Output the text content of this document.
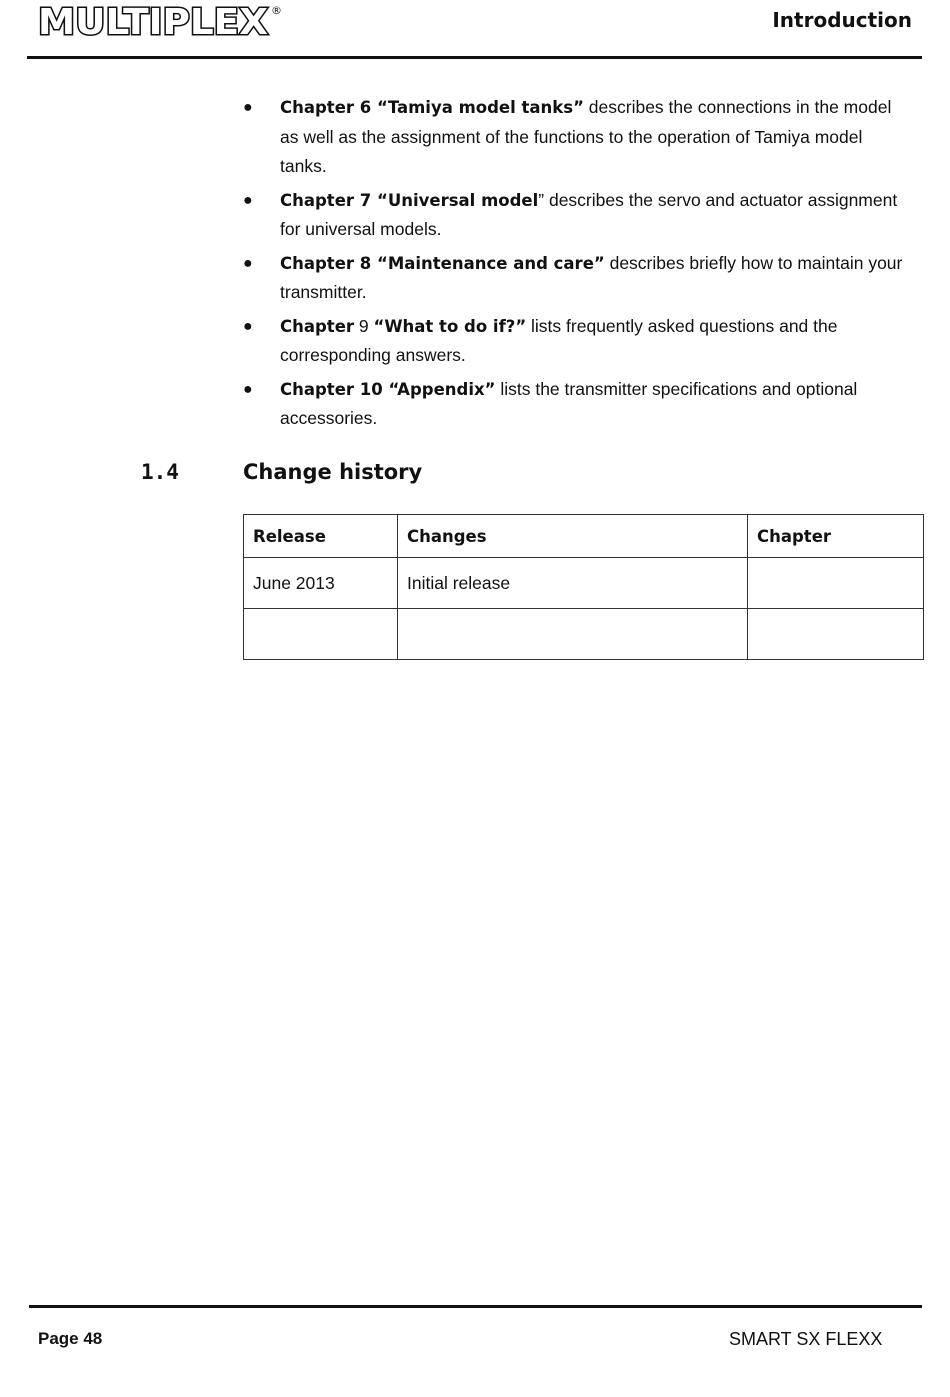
MULTIPLEX ®	Introduction
● Chapter 6 “Tamiya model tanks” describes the connections in the model as well as the assignment of the functions to the operation of Tamiya model tanks.
● Chapter 7 “Universal model” describes the servo and actuator assignment for universal models.
● Chapter 8 “Maintenance and care” describes briefly how to maintain your transmitter.
● Chapter 9 “What to do if?” lists frequently asked questions and the corresponding answers.
● Chapter 10 “Appendix” lists the transmitter specifications and optional accessories.
1.4	Change history
Release	Changes	Chapter
June 2013	Initial release	

Page 48	SMART SX FLEXX
